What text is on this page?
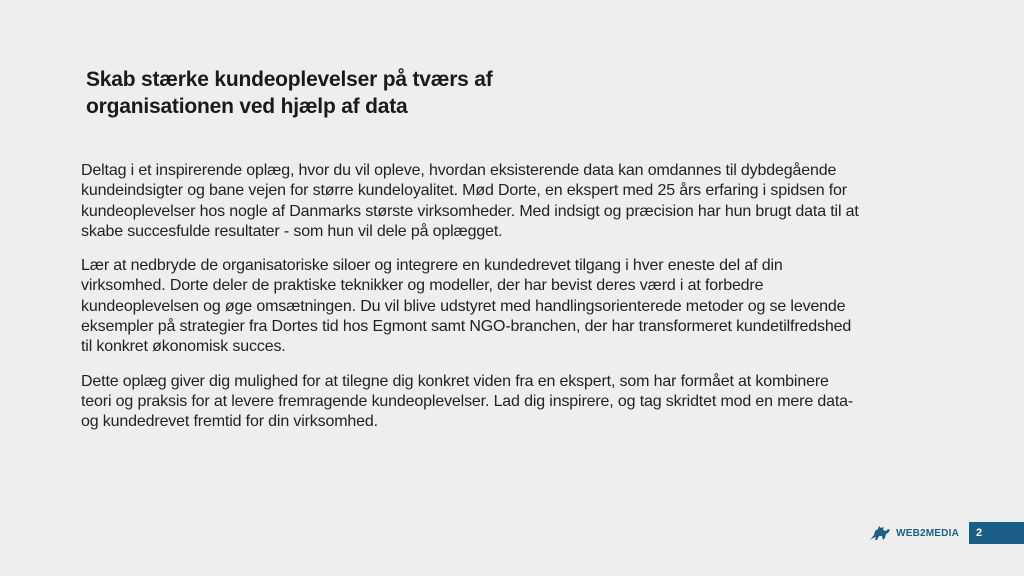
Skab stærke kundeoplevelser på tværs af
organisationen ved hjælp af data

Deltag i et inspirerende oplæg, hvor du vil opleve, hvordan eksisterende data kan omdannes til dybdegående
kundeindsigter og bane vejen for større kundeloyalitet. Mød Dorte, en ekspert med 25 års erfaring i spidsen for
kundeoplevelser hos nogle af Danmarks største virksomheder. Med indsigt og præcision har hun brugt data til at
skabe succesfulde resultater - som hun vil dele på oplægget.

Lær at nedbryde de organisatoriske siloer og integrere en kundedrevet tilgang i hver eneste del af din
virksomhed. Dorte deler de praktiske teknikker og modeller, der har bevist deres værd i at forbedre
kundeoplevelsen og øge omsætningen. Du vil blive udstyret med handlingsorienterede metoder og se levende
eksempler på strategier fra Dortes tid hos Egmont samt NGO-branchen, der har transformeret kundetilfredshed
til konkret økonomisk succes.

Dette oplæg giver dig mulighed for at tilegne dig konkret viden fra en ekspert, som har formået at kombinere
teori og praksis for at levere fremragende kundeoplevelser. Lad dig inspirere, og tag skridtet mod en mere data-
og kundedrevet fremtid for din virksomhed.

WEB2MEDIA	2
